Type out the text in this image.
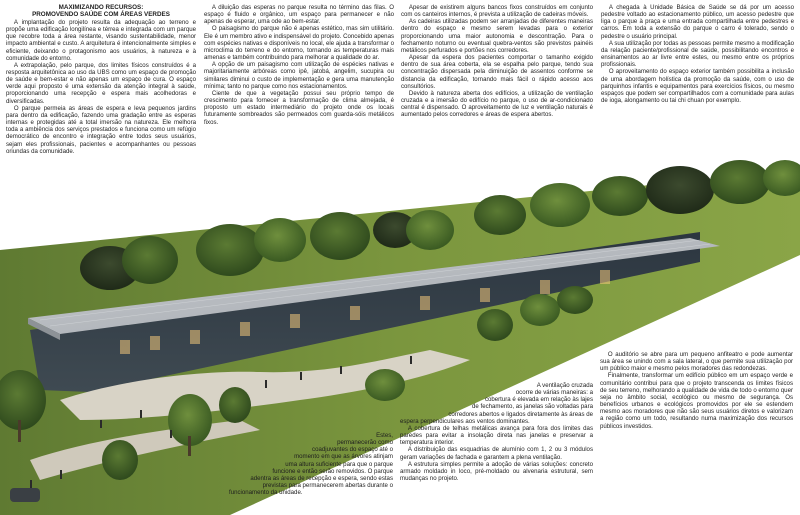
MAXIMIZANDO RECURSOS:
PROMOVENDO SAÚDE COM ÁREAS VERDES

A implantação do projeto resulta da adequação ao terreno e propõe uma edificação longilínea e térrea e integrada com um parque que recobre toda a área restante, visando sustentabilidade, menor impacto ambiental e custo. A arquitetura é intencionalmente simples e eficiente, deixando o protagonismo aos usuários, à natureza e à comunidade do entorno.

A extrapolação, pelo parque, dos limites físicos construídos é a resposta arquitetônica ao uso da UBS como um espaço de promoção de saúde e bem-estar e não apenas um espaço de cura. O espaço verde aqui proposto é uma extensão da atenção integral à saúde, proporcionando uma recepção e espera mais acolhedoras e diversificadas.

O parque permeia as áreas de espera e leva pequenos jardins para dentro da edificação, fazendo uma gradação entre as esperas internas e protegidas até a total imersão na natureza. Ele melhora toda a ambiência dos serviços prestados e funciona como um refúgio democrático de encontro e integração entre todos seus usuários, sejam eles profissionais, pacientes e acompanhantes ou pessoas oriundas da comunidade.

A diluição das esperas no parque resulta no término das filas. O espaço é fluido e orgânico, um espaço para permanecer e não apenas de esperar, uma ode ao bem-estar.

O paisagismo do parque não é apenas estético, mas sim utilitário. Ele é um membro ativo e indispensável do projeto. Concebido apenas com espécies nativas e disponíveis no local, ele ajuda a transformar o microclima do terreno e do entorno, tornando as temperaturas mais amenas e também contribuindo para melhorar a qualidade do ar.

A opção de um paisagismo com utilização de espécies nativas e majoritariamente arbóreas como ipê, jatobá, angelim, sucupira ou similares diminui o custo de implementação e gera uma manutenção mínima; tanto no parque como nos estacionamentos.

Ciente de que a vegetação possui seu próprio tempo de crescimento para fornecer a transformação de clima almejada, é proposto um estado intermediário do projeto onde os locais futuramente sombreados são permeados com guarda-sóis metálicos fixos.

Apesar de existirem alguns bancos fixos construídos em conjunto com os canteiros internos, é prevista a utilização de cadeiras móveis.

As cadeiras utilizadas podem ser arranjadas de diferentes maneiras dentro do espaço e mesmo serem levadas para o exterior proporcionando uma maior autonomia e descontração. Para o fechamento noturno ou eventual quebra-ventos são previstos painéis metálicos perfurados e portões nos corredores.

Apesar da espera dos pacientes comportar o tamanho exigido dentro de sua área coberta, ela se espalha pelo parque, tendo sua concentração dispersada pela diminuição de assentos conforme se distancia da edificação, tornando mais fácil o rápido acesso aos consultórios.

Devido à natureza aberta dos edifícios, a utilização de ventilação cruzada e a imersão do edifício no parque, o uso de ar-condicionado central é dispensado. O aproveitamento de luz e ventilação naturais é aumentado pelos corredores e áreas de espera abertos.

A chegada à Unidade Básica de Saúde se dá por um acesso pedestre voltado ao estacionamento público, um acesso pedestre que liga o parque à praça e uma entrada compartilhada entre pedestres e carros. Em toda a extensão do parque o carro é tolerado, sendo o pedestre o usuário principal.

A sua utilização por todas as pessoas permite mesmo a modificação da relação paciente/profissional de saúde, possibilitando encontros e ensinamentos ao ar livre entre estes, ou mesmo entre os próprios profissionais.

O aproveitamento do espaço exterior também possibilita a inclusão de uma abordagem holística da promoção da saúde, com o uso de parquinhos infantis e equipamentos para exercícios físicos, ou mesmo espaços que podem ser compartilhados com a comunidade para aulas de ioga, alongamento ou tai chi chuan por exemplo.

Estes,
permanecerão como
coadjuvantes do espaço até o
momento em que as árvores atinjam
uma altura suficiente para que o parque
funcione e então serão removidos. O parque
adentra as áreas de recepção e espera, sendo estas
previstas para permanecerem abertas durante o
funcionamento da unidade.
A ventilação cruzada
ocorre de várias maneiras: a
cobertura é elevada em relação às lajes
de fechamento, as janelas são voltadas para
corredores abertos e ligados diretamente às áreas de
espera perpendiculares aos ventos dominantes.

A cobertura de telhas metálicas avança para fora dos limites das paredes para evitar a insolação direta nas janelas e preservar a temperatura interior.

A distribuição das esquadrias de alumínio com 1, 2 ou 3 módulos geram variações de fachada e garantem a plena ventilação.

A estrutura simples permite a adoção de várias soluções: concreto armado moldado in loco, pré-moldado ou alvenaria estrutural, sem mudanças no projeto.

O auditório se abre para um pequeno anfiteatro e pode aumentar sua área se unindo com a sala lateral, o que permite sua utilização por um público maior e mesmo pelos moradores das redondezas.

Finalmente, transformar um edifício público em um espaço verde e comunitário contribui para que o projeto transcenda os limites físicos de seu terreno, melhorando a qualidade de vida de todo o entorno quer seja no âmbito social, ecológico ou mesmo de segurança. Os benefícios urbanos e ecológicos promovidos por ele se estendem mesmo aos moradores que não são seus usuários diretos e valorizam a região como um todo, resultando numa maximização dos recursos públicos investidos.
